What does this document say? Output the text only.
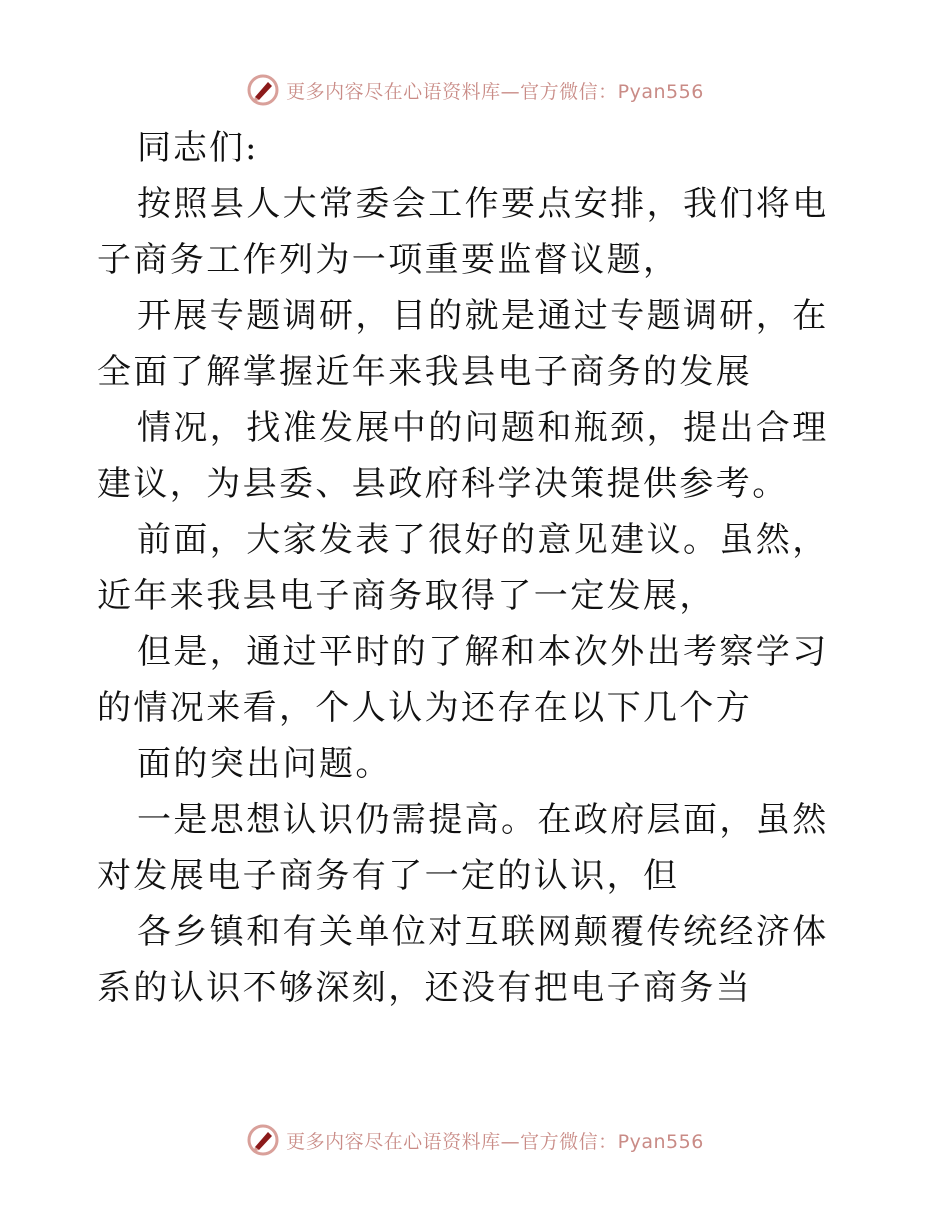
更多内容尽在心语资料库—官方微信：Pyan556

同志们:

按照县人大常委会工作要点安排，我们将电子商务工作列为一项重要监督议题，

开展专题调研，目的就是通过专题调研，在全面了解掌握近年来我县电子商务的发展

情况，找准发展中的问题和瓶颈，提出合理建议，为县委、县政府科学决策提供参考。

前面，大家发表了很好的意见建议。虽然，近年来我县电子商务取得了一定发展，

但是，通过平时的了解和本次外出考察学习的情况来看，个人认为还存在以下几个方

面的突出问题。

一是思想认识仍需提高。在政府层面，虽然对发展电子商务有了一定的认识，但

各乡镇和有关单位对互联网颠覆传统经济体系的认识不够深刻，还没有把电子商务当

更多内容尽在心语资料库—官方微信：Pyan556
